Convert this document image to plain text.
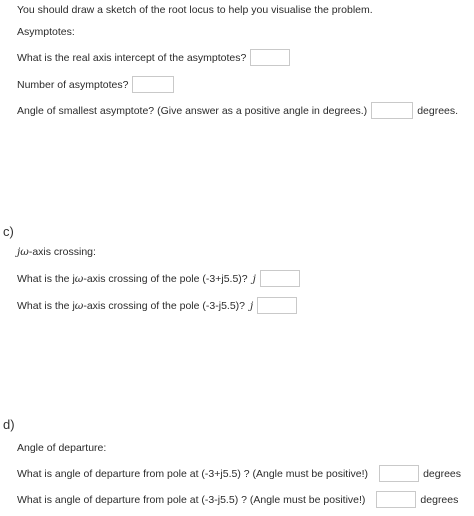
You should draw a sketch of the root locus to help you visualise the problem.
Asymptotes:
What is the real axis intercept of the asymptotes?
Number of asymptotes?
Angle of smallest asymptote? (Give answer as a positive angle in degrees.)	degrees.
c)
j ω -axis crossing:
What is the j ω -axis crossing of the pole (-3+j5.5)? j
What is the j ω -axis crossing of the pole (-3-j5.5)? j
d)
Angle of departure:
What is angle of departure from pole at (-3+j5.5) ? (Angle must be positive!)	degrees
What is angle of departure from pole at (-3-j5.5) ? (Angle must be positive!)	degrees
